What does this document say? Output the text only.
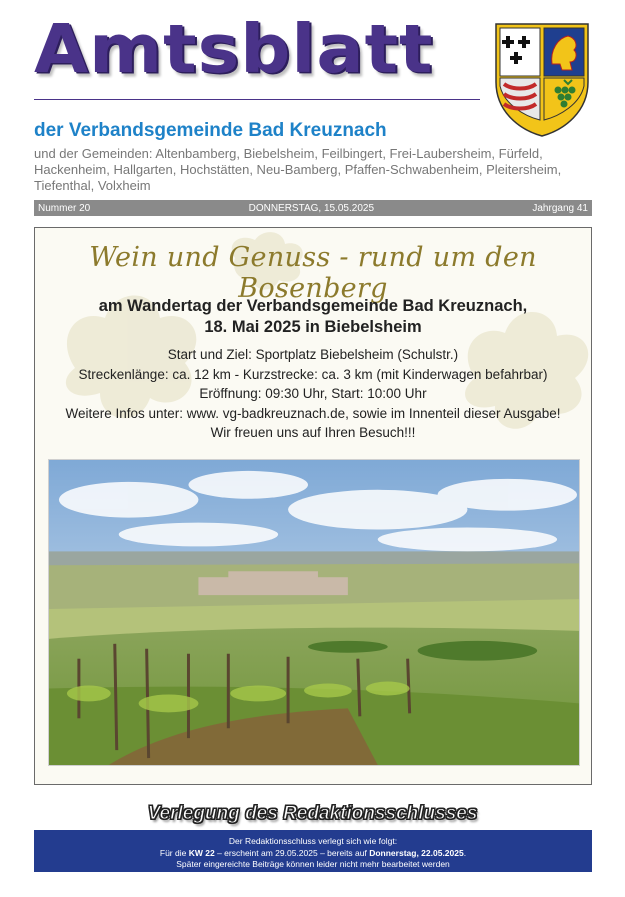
Amtsblatt
der Verbandsgemeinde Bad Kreuznach
und der Gemeinden: Altenbamberg, Biebelsheim, Feilbingert, Frei-Laubersheim, Fürfeld, Hackenheim, Hallgarten, Hochstätten, Neu-Bamberg, Pfaffen-Schwabenheim, Pleitersheim, Tiefenthal, Volxheim
Nummer 20	DONNERSTAG, 15.05.2025	Jahrgang 41
Wein und Genuss - rund um den Bosenberg
am Wandertag der Verbandsgemeinde Bad Kreuznach,
18. Mai 2025 in Biebelsheim
Start und Ziel: Sportplatz Biebelsheim (Schulstr.)
Streckenlänge: ca. 12 km - Kurzstrecke: ca. 3 km (mit Kinderwagen befahrbar)
Eröffnung: 09:30 Uhr, Start: 10:00 Uhr
Weitere Infos unter: www. vg-badkreuznach.de, sowie im Innenteil dieser Ausgabe!
Wir freuen uns auf Ihren Besuch!!!
Verlegung des Redaktionsschlusses
Der Redaktionsschluss verlegt sich wie folgt:
Für die KW 22 – erscheint am 29.05.2025 – bereits auf Donnerstag, 22.05.2025.
Später eingereichte Beiträge können leider nicht mehr bearbeitet werden
